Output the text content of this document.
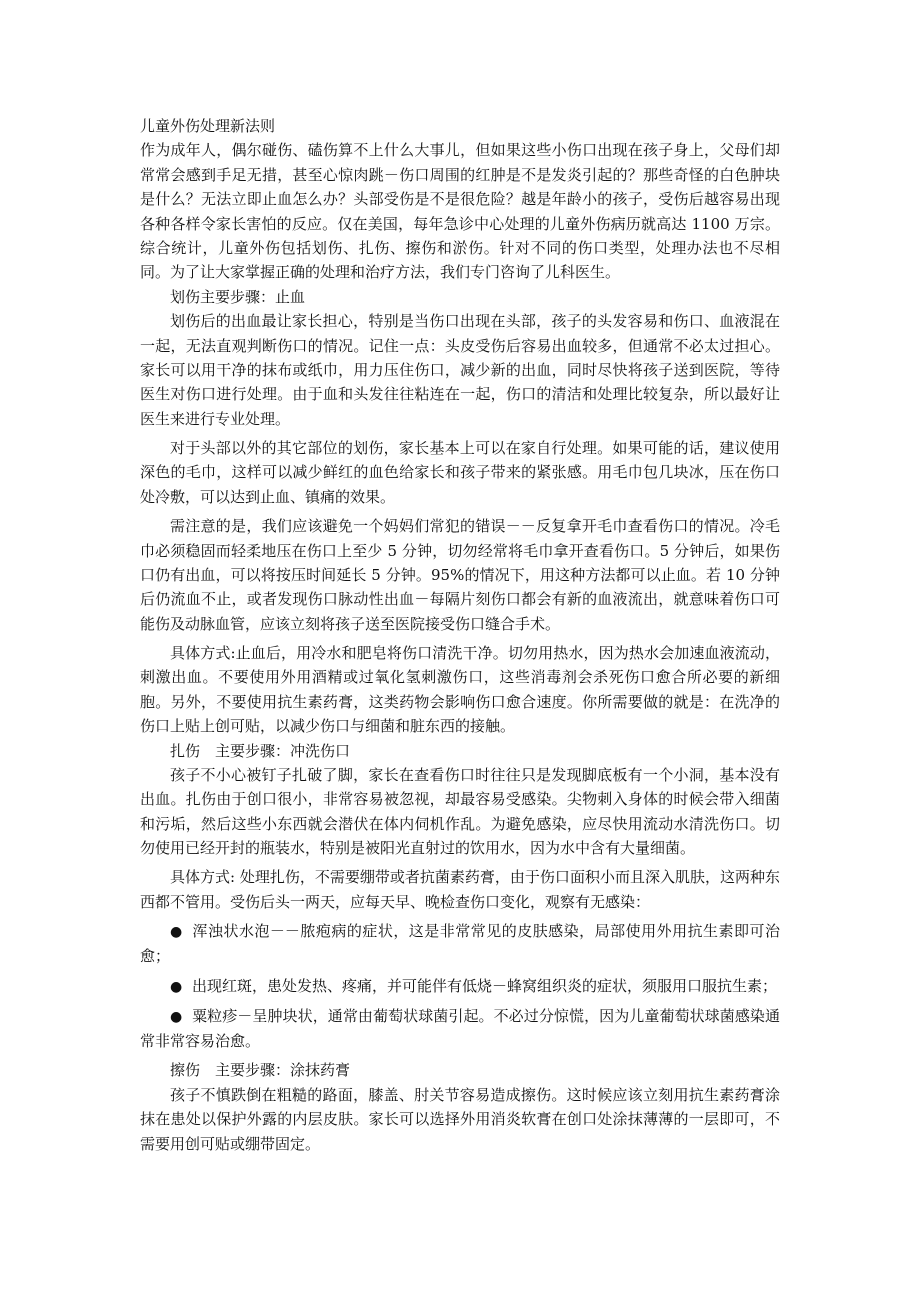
儿童外伤处理新法则

作为成年人，偶尔碰伤、磕伤算不上什么大事儿，但如果这些小伤口出现在孩子身上，父母们却常常会感到手足无措，甚至心惊肉跳－伤口周围的红肿是不是发炎引起的？那些奇怪的白色肿块是什么？无法立即止血怎么办？头部受伤是不是很危险？越是年龄小的孩子，受伤后越容易出现各种各样令家长害怕的反应。仅在美国，每年急诊中心处理的儿童外伤病历就高达 1100 万宗。综合统计，儿童外伤包括划伤、扎伤、擦伤和淤伤。针对不同的伤口类型，处理办法也不尽相同。为了让大家掌握正确的处理和治疗方法，我们专门咨询了儿科医生。

划伤主要步骤：止血

划伤后的出血最让家长担心，特别是当伤口出现在头部，孩子的头发容易和伤口、血液混在一起，无法直观判断伤口的情况。记住一点：头皮受伤后容易出血较多，但通常不必太过担心。家长可以用干净的抹布或纸巾，用力压住伤口，减少新的出血，同时尽快将孩子送到医院，等待医生对伤口进行处理。由于血和头发往往粘连在一起，伤口的清洁和处理比较复杂，所以最好让医生来进行专业处理。

对于头部以外的其它部位的划伤，家长基本上可以在家自行处理。如果可能的话，建议使用深色的毛巾，这样可以减少鲜红的血色给家长和孩子带来的紧张感。用毛巾包几块冰，压在伤口处冷敷，可以达到止血、镇痛的效果。

需注意的是，我们应该避免一个妈妈们常犯的错误－－反复拿开毛巾查看伤口的情况。冷毛巾必须稳固而轻柔地压在伤口上至少 5 分钟，切勿经常将毛巾拿开查看伤口。5 分钟后，如果伤口仍有出血，可以将按压时间延长 5 分钟。95%的情况下，用这种方法都可以止血。若 10 分钟后仍流血不止，或者发现伤口脉动性出血－每隔片刻伤口都会有新的血液流出，就意味着伤口可能伤及动脉血管，应该立刻将孩子送至医院接受伤口缝合手术。

具体方式:止血后，用冷水和肥皂将伤口清洗干净。切勿用热水，因为热水会加速血液流动，刺激出血。不要使用外用酒精或过氧化氢刺激伤口，这些消毒剂会杀死伤口愈合所必要的新细胞。另外，不要使用抗生素药膏，这类药物会影响伤口愈合速度。你所需要做的就是：在洗净的伤口上贴上创可贴，以减少伤口与细菌和脏东西的接触。

扎伤　主要步骤：冲洗伤口

孩子不小心被钉子扎破了脚，家长在查看伤口时往往只是发现脚底板有一个小洞，基本没有出血。扎伤由于创口很小，非常容易被忽视，却最容易受感染。尖物刺入身体的时候会带入细菌和污垢，然后这些小东西就会潜伏在体内伺机作乱。为避免感染，应尽快用流动水清洗伤口。切勿使用已经开封的瓶装水，特别是被阳光直射过的饮用水，因为水中含有大量细菌。

具体方式: 处理扎伤，不需要绷带或者抗菌素药膏，由于伤口面积小而且深入肌肤，这两种东西都不管用。受伤后头一两天，应每天早、晚检查伤口变化，观察有无感染：

● 浑浊状水泡－－脓疱病的症状，这是非常常见的皮肤感染，局部使用外用抗生素即可治愈；

● 出现红斑，患处发热、疼痛，并可能伴有低烧－蜂窝组织炎的症状，须服用口服抗生素；

● 粟粒疹－呈肿块状，通常由葡萄状球菌引起。不必过分惊慌，因为儿童葡萄状球菌感染通常非常容易治愈。

擦伤　主要步骤：涂抹药膏

孩子不慎跌倒在粗糙的路面，膝盖、肘关节容易造成擦伤。这时候应该立刻用抗生素药膏涂抹在患处以保护外露的内层皮肤。家长可以选择外用消炎软膏在创口处涂抹薄薄的一层即可，不需要用创可贴或绷带固定。
